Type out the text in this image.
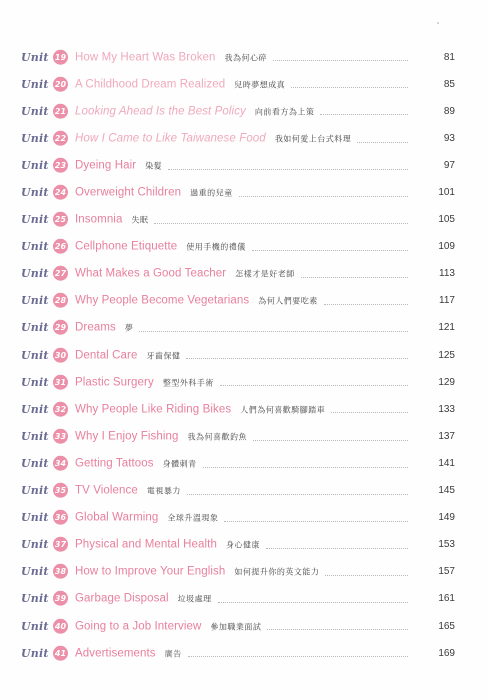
Unit 19 How My Heart Was Broken 我為何心碎	81
Unit 20 A Childhood Dream Realized 兒時夢想成真	85
Unit 21 Looking Ahead Is the Best Policy 向前看方為上策	89
Unit 22 How I Came to Like Taiwanese Food 我如何愛上台式料理	93
Unit 23 Dyeing Hair 染髮	97
Unit 24 Overweight Children 過重的兒童	101
Unit 25 Insomnia 失眠	105
Unit 26 Cellphone Etiquette 使用手機的禮儀	109
Unit 27 What Makes a Good Teacher 怎樣才是好老師	113
Unit 28 Why People Become Vegetarians 為何人們要吃素	117
Unit 29 Dreams 夢	121
Unit 30 Dental Care 牙齒保健	125
Unit 31 Plastic Surgery 整型外科手術	129
Unit 32 Why People Like Riding Bikes 人們為何喜歡騎腳踏車	133
Unit 33 Why I Enjoy Fishing 我為何喜歡釣魚	137
Unit 34 Getting Tattoos 身體刺青	141
Unit 35 TV Violence 電視暴力	145
Unit 36 Global Warming 全球升溫現象	149
Unit 37 Physical and Mental Health 身心健康	153
Unit 38 How to Improve Your English 如何提升你的英文能力	157
Unit 39 Garbage Disposal 垃圾處理	161
Unit 40 Going to a Job Interview 參加職業面試	165
Unit 41 Advertisements 廣告	169
